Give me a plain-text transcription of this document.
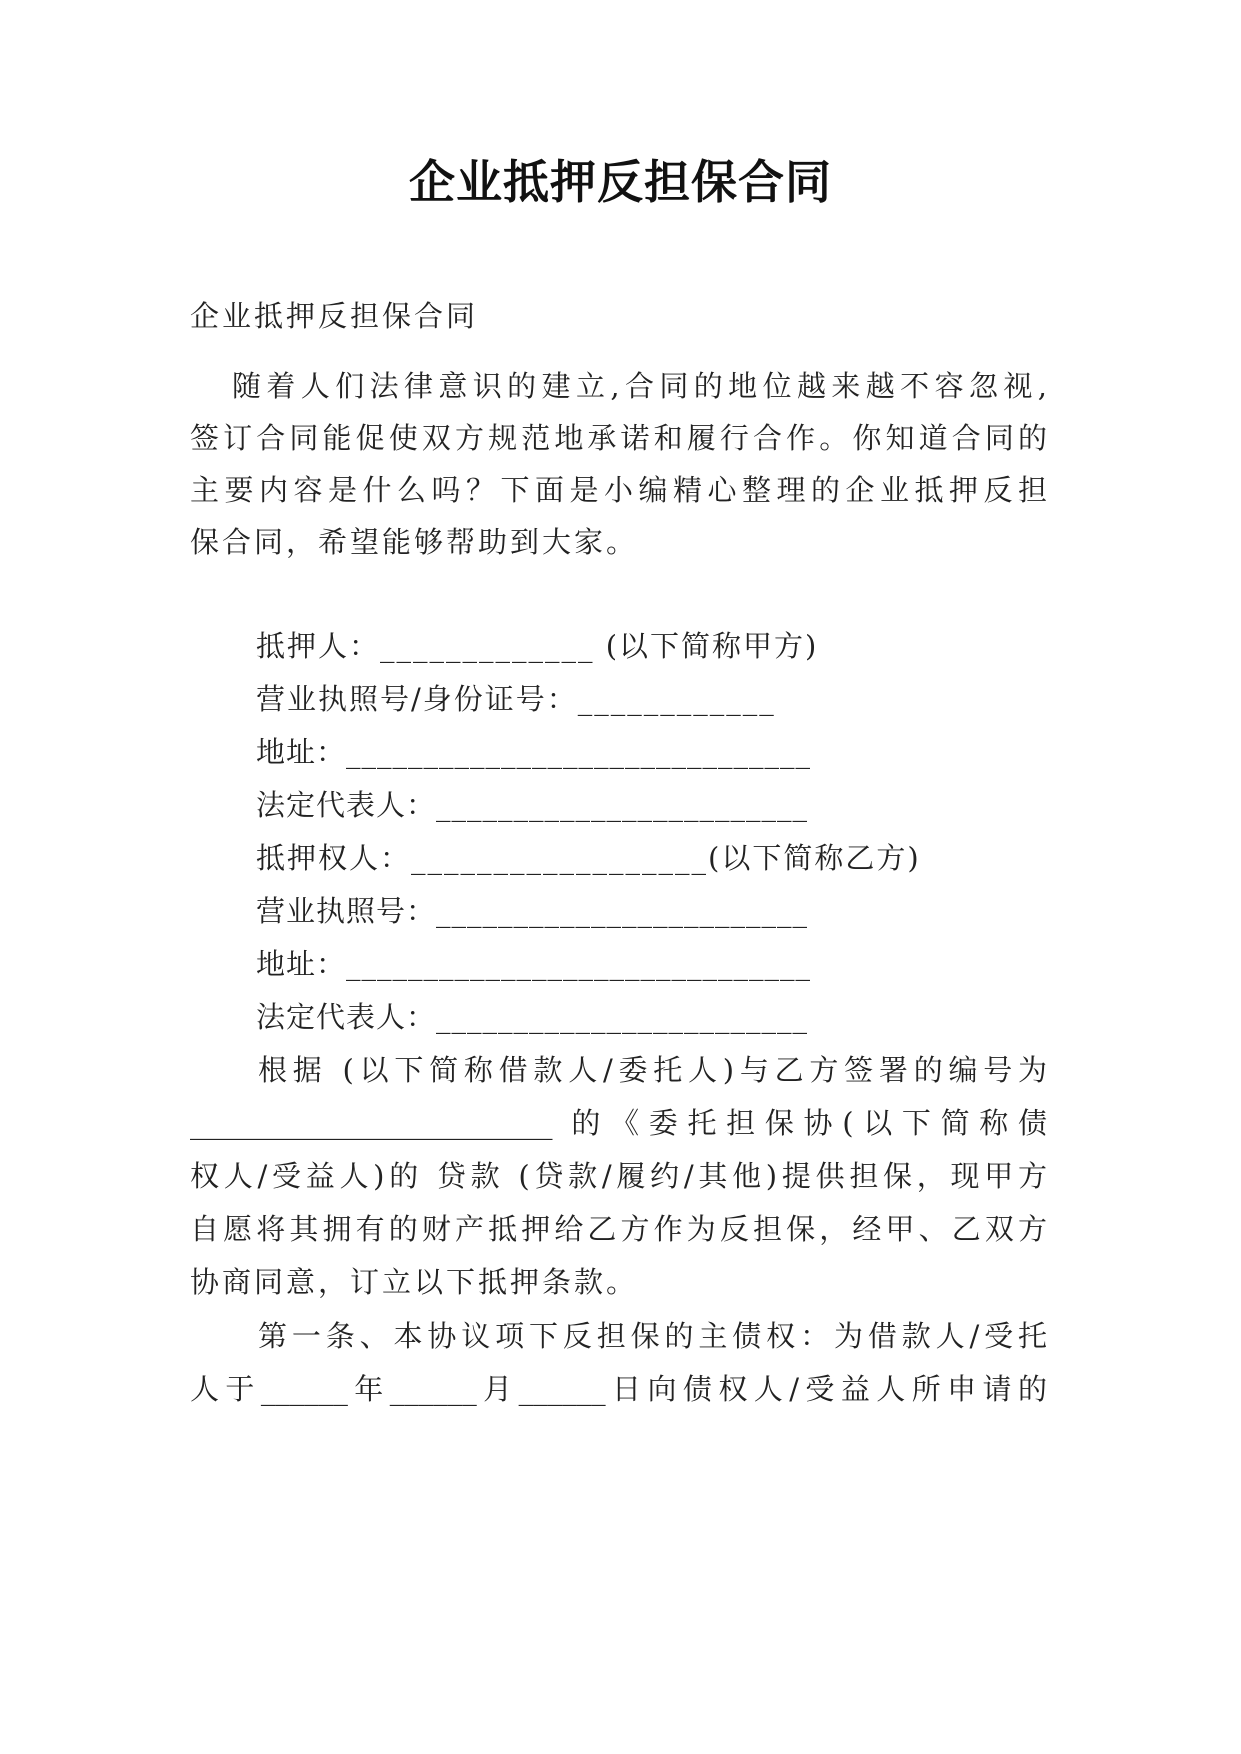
企业抵押反担保合同
企业抵押反担保合同
随着人们法律意识的建立,合同的地位越来越不容忽视,
签订合同能促使双方规范地承诺和履行合作。你知道合同的
主要内容是什么吗？下面是小编精心整理的企业抵押反担
保合同，希望能够帮助到大家。
抵押人：_____________ (以下简称甲方)
营业执照号/身份证号：____________
地址：______________________________
法定代表人：________________________
抵押权人：__________________(以下简称乙方)
营业执照号：________________________
地址：______________________________
法定代表人：________________________
根据 (以下简称借款人/委托人)与乙方签署的编号为
_________________________ 的《委托担保协(以下简称债
权人/受益人)的 贷款 (贷款/履约/其他)提供担保，现甲方
自愿将其拥有的财产抵押给乙方作为反担保，经甲、乙双方
协商同意，订立以下抵押条款。
第一条、本协议项下反担保的主债权：为借款人/受托
人于______年______月______日向债权人/受益人所申请的
